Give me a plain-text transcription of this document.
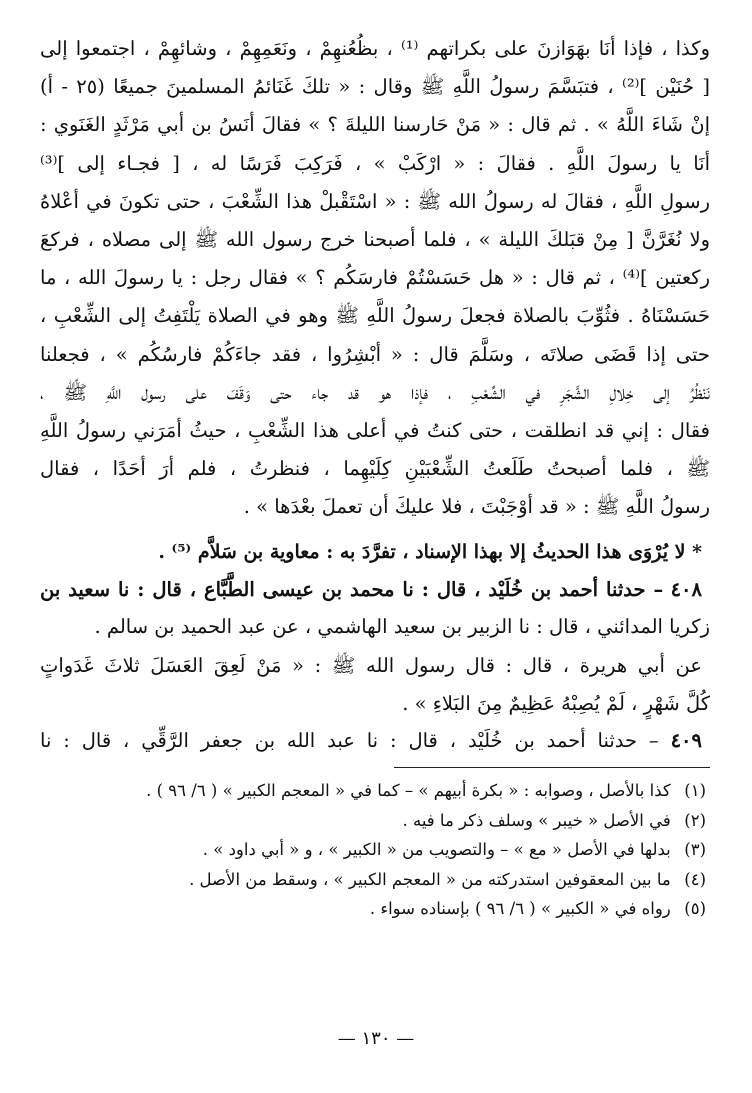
وكذا ، فإذا أنَا بهَوَازنَ على بكراتهم ⁽¹⁾ ، بظُعُنهِمْ ، ونَعَمِهِمْ ، وشائهِمْ ، اجتمعوا إلى
[ حُنَيْن ]⁽²⁾ ، فتبَسَّمَ رسولُ اللَّهِ ﷺ وقال : « تلكَ غَنَائمُ المسلمينَ جميعًا (٢٥ - أ)
إنْ شَاءَ اللَّهُ » . ثم قال : « مَنْ حَارسنا الليلةَ ؟ » فقالَ أنَسُ بن أبي مَرْثَدٍ الغَنَوي :
أنَا يا رسولَ اللَّهِ . فقالَ : « ارْكَبْ » ، فَرَكِبَ فَرَسًا له ، [ فجـاء إلى ]⁽³⁾
رسولِ اللَّهِ ، فقالَ له رسولُ الله ﷺ : « اسْتَقْبلْ هذا الشِّعْبَ ، حتى تكونَ في أعْلاهُ
ولا نُغَرَّنَّ [ مِنْ قبَلكَ الليلة » ، فلما أصبحنا خرج رسول الله ﷺ إلى مصلاه ، فركعَ
ركعتين ]⁽⁴⁾ ، ثم قال : « هل حَسَسْتُمْ فارسَكُم ؟ » فقال رجل : يا رسولَ الله ، ما
حَسَسْنَاهُ . فثُوِّبَ بالصلاة فجعلَ رسولُ اللَّهِ ﷺ وهو في الصلاة يَلْتَفِتُ إلى الشِّعْبِ ،
حتى إذا قَضَى صلاتَه ، وسَلَّمَ قال : « أبْشِرُوا ، فقد جاءَكُمْ فارسُكُم » ، فجعلنا
نَنْظُرُ إلى خِلالِ الشَّجَرِ في الشِّعْبِ ، فإذا هو قد جاء حتى وَقَفَ على رسول اللَّهِ ﷺ ،
فقال : إني قد انطلقت ، حتى كنتُ في أعلى هذا الشِّعْبِ ، حيثُ أمَرَني رسولُ اللَّهِ
ﷺ ، فلما أصبحتُ طَلَعتُ الشِّعْبَيْنِ كِلَيْهِما ، فنظرتُ ، فلم أرَ أحَدًا ، فقال
رسولُ اللَّهِ ﷺ : « قد أوْجَبْتَ ، فلا عليكَ أن تعملَ بعْدَها » .
* لا يُرْوَى هذا الحديثُ إلا بهذا الإسناد ، تفرَّدَ به : معاوية بن سَلاَّم ⁽⁵⁾ .
٤٠٨ – حدثنا أحمد بن خُلَيْد ، قال : نا محمد بن عيسى الطَّبَّاع ، قال : نا سعيد بن
زكريا المدائني ، قال : نا الزبير بن سعيد الهاشمي ، عن عبد الحميد بن سالم .
عن أبي هريرة ، قال : قال رسول الله ﷺ : « مَنْ لَعِقَ العَسَلَ ثلاثَ غَدَواتٍ
كُلَّ شَهْرٍ ، لَمْ يُصِبْهُ عَظِيمٌ مِنَ البَلاءِ » .
٤٠٩ – حدثنا أحمد بن خُلَيْد ، قال : نا عبد الله بن جعفر الرَّقِّي ، قال : نا
(١) كذا بالأصل ، وصوابه : « بكرة أبيهم » – كما في « المعجم الكبير » ( ٦/ ٩٦ ) .
(٢) في الأصل « خيبر » وسلف ذكر ما فيه .
(٣) بدلها في الأصل « مع » – والتصويب من « الكبير » ، و « أبي داود » .
(٤) ما بين المعقوفين استدركته من « المعجم الكبير » ، وسقط من الأصل .
(٥) رواه في « الكبير » ( ٦/ ٩٦ ) بإسناده سواء .
— ١٣٠ —
